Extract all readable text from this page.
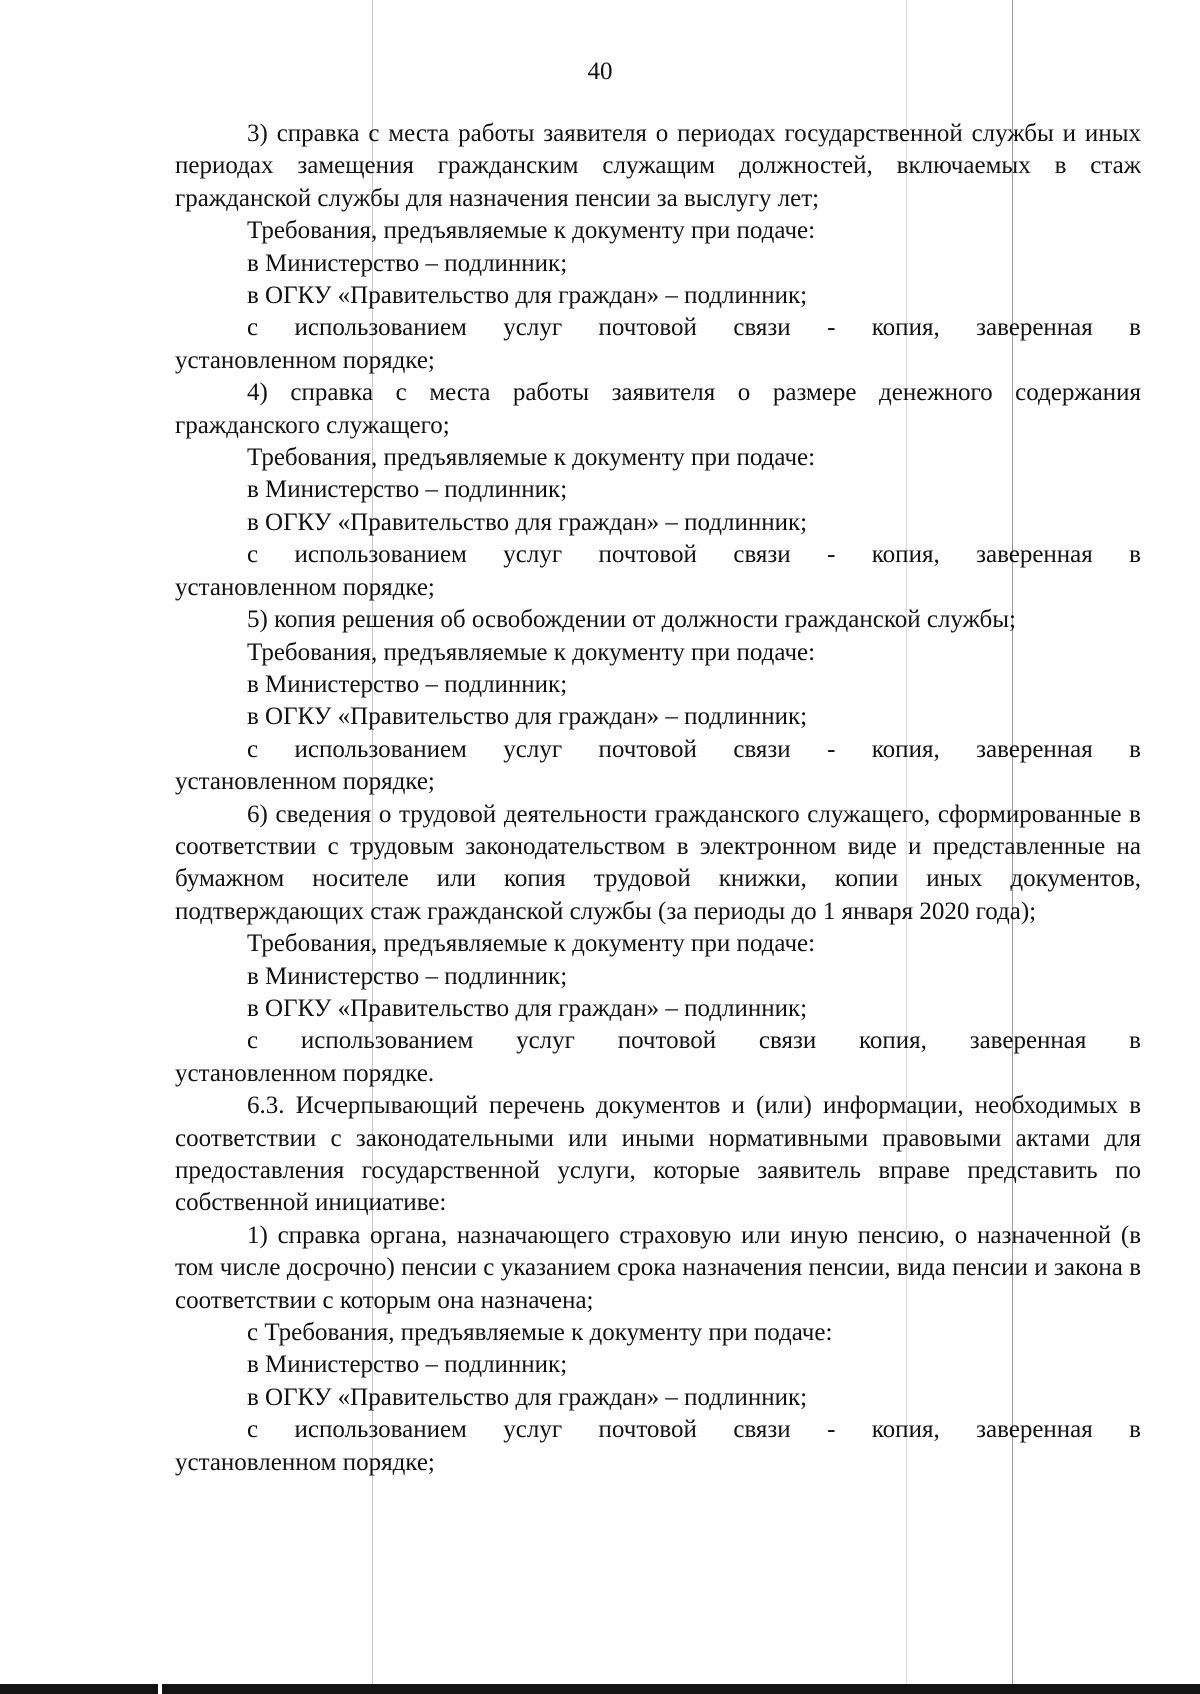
40

3) справка с места работы заявителя о периодах государственной службы и иных периодах замещения гражданским служащим должностей, включаемых в стаж гражданской службы для назначения пенсии за выслугу лет;

Требования, предъявляемые к документу при подаче:

в Министерство – подлинник;

в ОГКУ «Правительство для граждан» – подлинник;

с использованием услуг почтовой связи - копия, заверенная в

установленном порядке;

4) справка с места работы заявителя о размере денежного содержания гражданского служащего;

Требования, предъявляемые к документу при подаче:

в Министерство – подлинник;

в ОГКУ «Правительство для граждан» – подлинник;

с использованием услуг почтовой связи - копия, заверенная в

установленном порядке;

5) копия решения об освобождении от должности гражданской службы;

Требования, предъявляемые к документу при подаче:

в Министерство – подлинник;

в ОГКУ «Правительство для граждан» – подлинник;

с использованием услуг почтовой связи - копия, заверенная в

установленном порядке;

6) сведения о трудовой деятельности гражданского служащего, сформированные в соответствии с трудовым законодательством в электронном виде и представленные на бумажном носителе или копия трудовой книжки, копии иных документов, подтверждающих стаж гражданской службы (за периоды до 1 января 2020 года);

Требования, предъявляемые к документу при подаче:

в Министерство – подлинник;

в ОГКУ «Правительство для граждан» – подлинник;

с использованием услуг почтовой связи копия, заверенная в

установленном порядке.

6.3. Исчерпывающий перечень документов и (или) информации, необходимых в соответствии с законодательными или иными нормативными правовыми актами для предоставления государственной услуги, которые заявитель вправе представить по собственной инициативе:

1) справка органа, назначающего страховую или иную пенсию, о назначенной (в том числе досрочно) пенсии с указанием срока назначения пенсии, вида пенсии и закона в соответствии с которым она назначена;

с Требования, предъявляемые к документу при подаче:

в Министерство – подлинник;

в ОГКУ «Правительство для граждан» – подлинник;

с использованием услуг почтовой связи - копия, заверенная в

установленном порядке;
